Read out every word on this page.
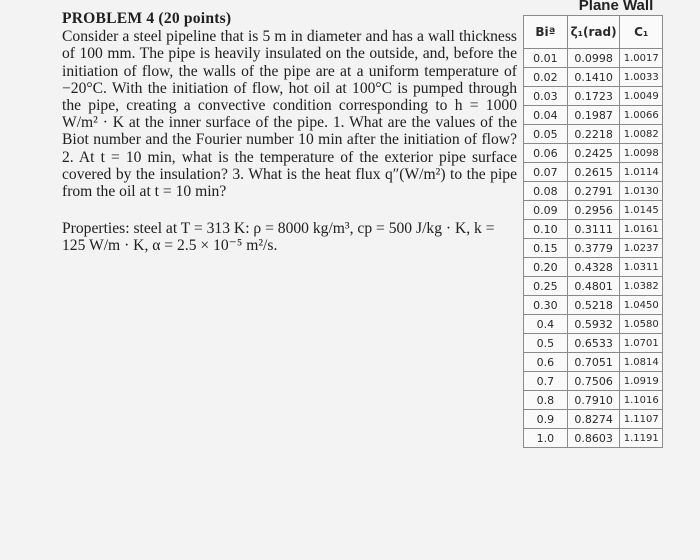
PROBLEM 4 (20 points)
Consider a steel pipeline that is 5 m in diameter and has a wall thickness of 100 mm. The pipe is heavily insulated on the outside, and, before the initiation of flow, the walls of the pipe are at a uniform temperature of −20°C. With the initiation of flow, hot oil at 100°C is pumped through the pipe, creating a convective condition corresponding to h = 1000 W/m² · K at the inner surface of the pipe. 1. What are the values of the Biot number and the Fourier number 10 min after the initiation of flow? 2. At t = 10 min, what is the temperature of the exterior pipe surface covered by the insulation? 3. What is the heat flux q″(W/m²) to the pipe from the oil at t = 10 min?
Properties: steel at T = 313 K: ρ = 8000 kg/m³, cp = 500 J/kg · K, k = 125 W/m · K, α = 2.5 × 10⁻⁵ m²/s.
Plane Wall
Biª	ζ₁(rad)	C₁
0.01	0.0998	1.0017
0.02	0.1410	1.0033
0.03	0.1723	1.0049
0.04	0.1987	1.0066
0.05	0.2218	1.0082
0.06	0.2425	1.0098
0.07	0.2615	1.0114
0.08	0.2791	1.0130
0.09	0.2956	1.0145
0.10	0.3111	1.0161
0.15	0.3779	1.0237
0.20	0.4328	1.0311
0.25	0.4801	1.0382
0.30	0.5218	1.0450
0.4	0.5932	1.0580
0.5	0.6533	1.0701
0.6	0.7051	1.0814
0.7	0.7506	1.0919
0.8	0.7910	1.1016
0.9	0.8274	1.1107
1.0	0.8603	1.1191
